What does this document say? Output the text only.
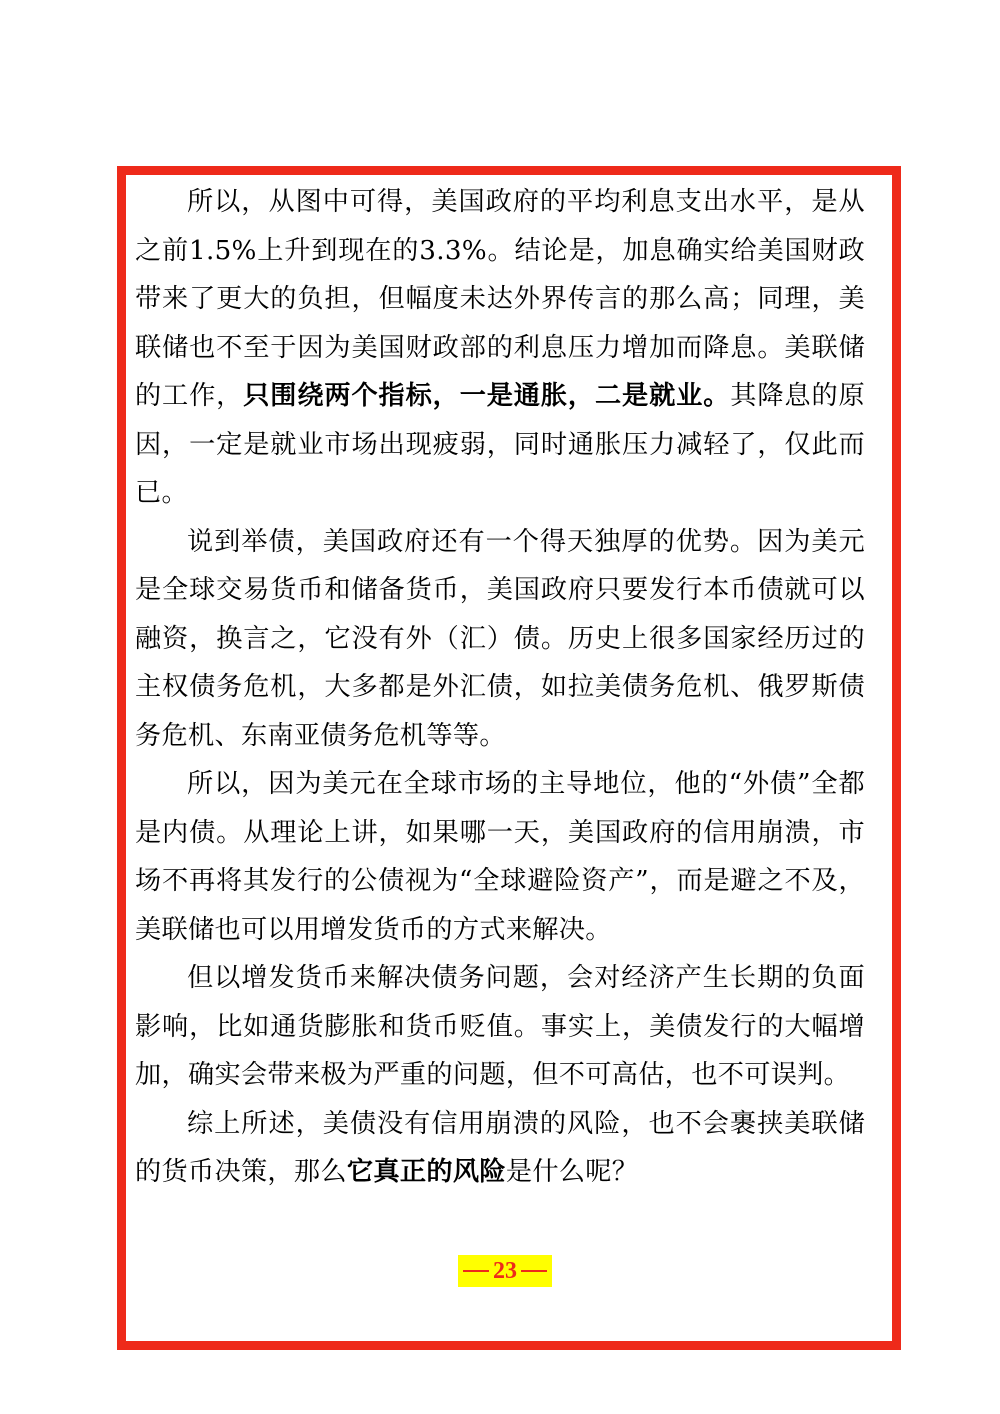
所以，从图中可得，美国政府的平均利息支出水平，是从之前1.5%上升到现在的3.3%。结论是，加息确实给美国财政带来了更大的负担，但幅度未达外界传言的那么高；同理，美联储也不至于因为美国财政部的利息压力增加而降息。美联储的工作，只围绕两个指标，一是通胀，二是就业。其降息的原因，一定是就业市场出现疲弱，同时通胀压力减轻了，仅此而已。

说到举债，美国政府还有一个得天独厚的优势。因为美元是全球交易货币和储备货币，美国政府只要发行本币债就可以融资，换言之，它没有外（汇）债。历史上很多国家经历过的主权债务危机，大多都是外汇债，如拉美债务危机、俄罗斯债务危机、东南亚债务危机等等。

所以，因为美元在全球市场的主导地位，他的“外债”全都是内债。从理论上讲，如果哪一天，美国政府的信用崩溃，市场不再将其发行的公债视为“全球避险资产”，而是避之不及，美联储也可以用增发货币的方式来解决。

但以增发货币来解决债务问题，会对经济产生长期的负面影响，比如通货膨胀和货币贬值。事实上，美债发行的大幅增加，确实会带来极为严重的问题，但不可高估，也不可误判。

综上所述，美债没有信用崩溃的风险，也不会裹挟美联储的货币决策，那么它真正的风险是什么呢？

23
